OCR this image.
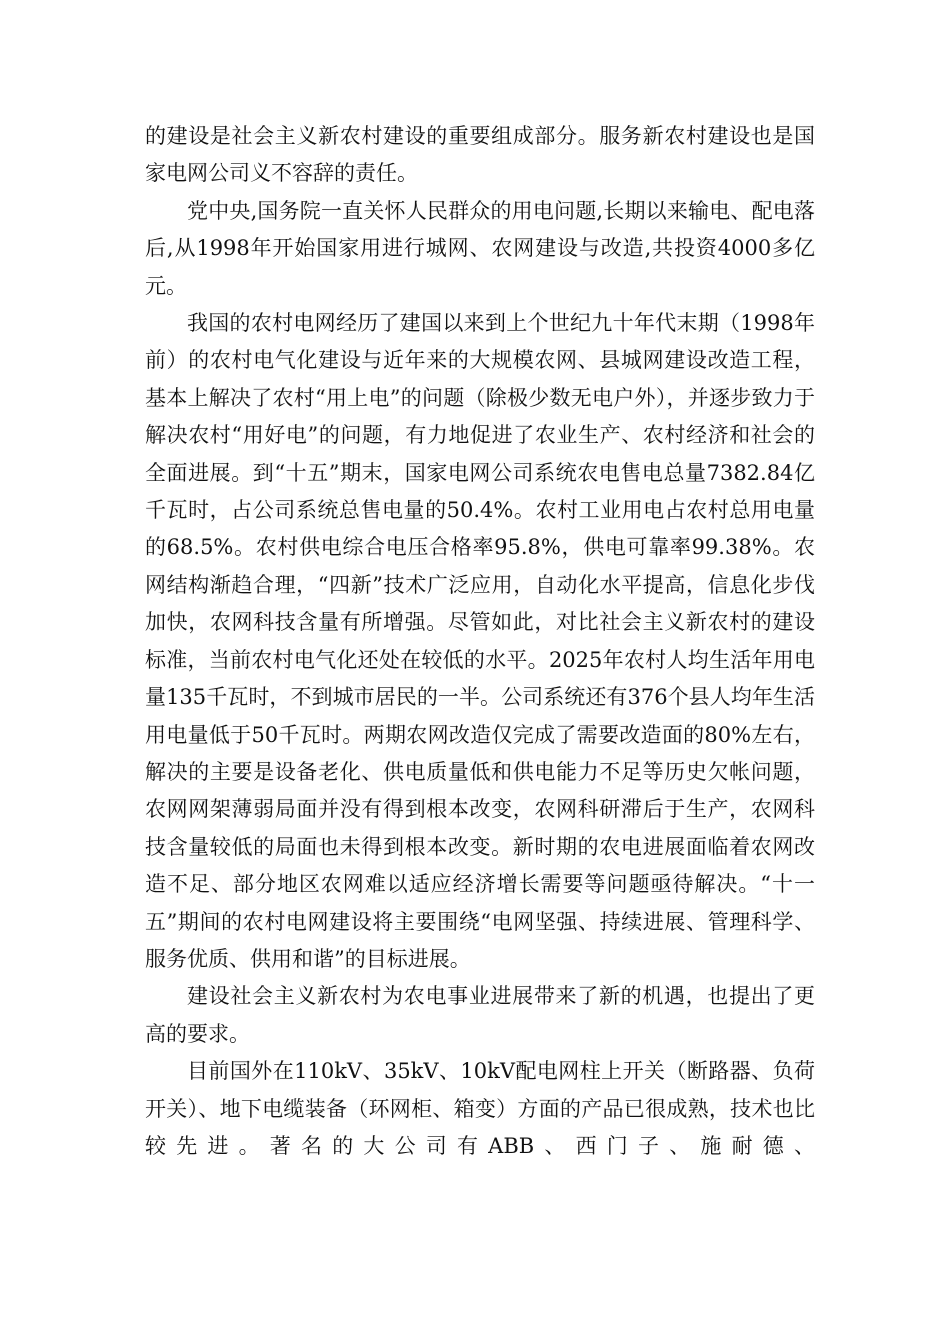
的建设是社会主义新农村建设的重要组成部分。服务新农村建设也是国家电网公司义不容辞的责任。

党中央,国务院一直关怀人民群众的用电问题,长期以来输电、配电落后,从1998年开始国家用进行城网、农网建设与改造,共投资4000多亿元。

我国的农村电网经历了建国以来到上个世纪九十年代末期（1998年前）的农村电气化建设与近年来的大规模农网、县城网建设改造工程，基本上解决了农村“用上电”的问题（除极少数无电户外），并逐步致力于解决农村“用好电”的问题，有力地促进了农业生产、农村经济和社会的全面进展。到“十五”期末，国家电网公司系统农电售电总量7382.84亿千瓦时，占公司系统总售电量的50.4%。农村工业用电占农村总用电量的68.5%。农村供电综合电压合格率95.8%，供电可靠率99.38%。农网结构渐趋合理，“四新”技术广泛应用，自动化水平提高，信息化步伐加快，农网科技含量有所增强。尽管如此，对比社会主义新农村的建设标准，当前农村电气化还处在较低的水平。2025年农村人均生活年用电量135千瓦时，不到城市居民的一半。公司系统还有376个县人均年生活用电量低于50千瓦时。两期农网改造仅完成了需要改造面的80%左右，解决的主要是设备老化、供电质量低和供电能力不足等历史欠帐问题，农网网架薄弱局面并没有得到根本改变，农网科研滞后于生产，农网科技含量较低的局面也未得到根本改变。新时期的农电进展面临着农网改造不足、部分地区农网难以适应经济增长需要等问题亟待解决。“十一五”期间的农村电网建设将主要围绕“电网坚强、持续进展、管理科学、服务优质、供用和谐”的目标进展。

建设社会主义新农村为农电事业进展带来了新的机遇，也提出了更高的要求。

目前国外在110kV、35kV、10kV配电网柱上开关（断路器、负荷开关）、地下电缆装备（环网柜、箱变）方面的产品已很成熟，技术也比较先进。著名的大公司有ABB、西门子、施耐德、
